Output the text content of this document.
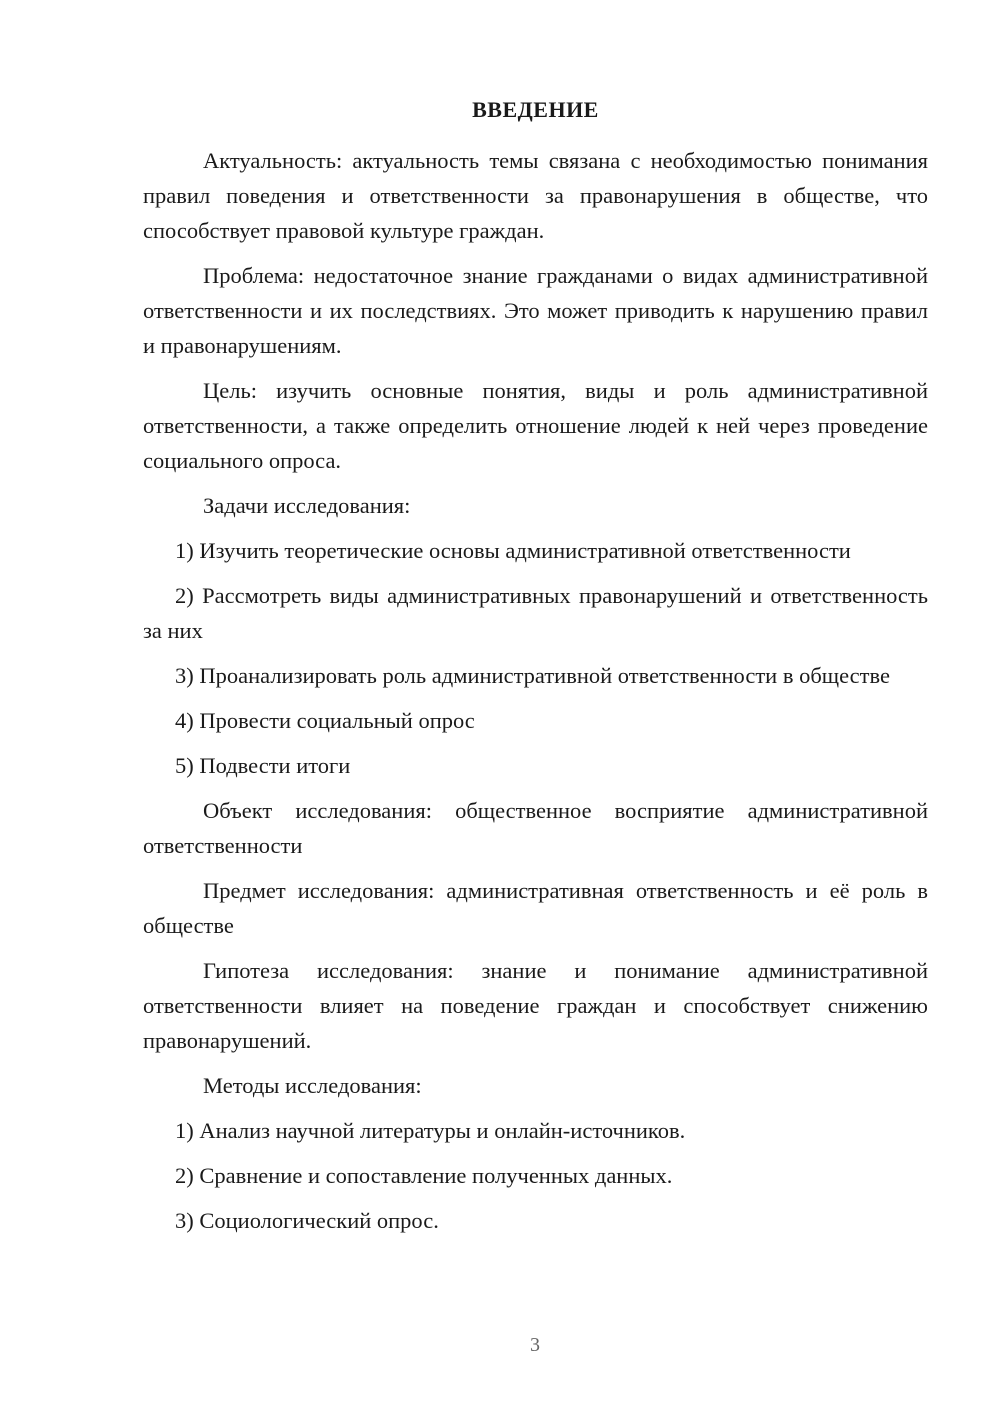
ВВЕДЕНИЕ
Актуальность: актуальность темы связана с необходимостью понимания правил поведения и ответственности за правонарушения в обществе, что способствует правовой культуре граждан.
Проблема: недостаточное знание гражданами о видах административной ответственности и их последствиях. Это может приводить к нарушению правил и правонарушениям.
Цель: изучить основные понятия, виды и роль административной ответственности, а также определить отношение людей к ней через проведение социального опроса.
Задачи исследования:
1) Изучить теоретические основы административной ответственности
2) Рассмотреть виды административных правонарушений и ответственность за них
3) Проанализировать роль административной ответственности в обществе
4) Провести социальный опрос
5) Подвести итоги
Объект исследования: общественное восприятие административной ответственности
Предмет исследования: административная ответственность и её роль в обществе
Гипотеза исследования: знание и понимание административной ответственности влияет на поведение граждан и способствует снижению правонарушений.
Методы исследования:
1) Анализ научной литературы и онлайн-источников.
2) Сравнение и сопоставление полученных данных.
3) Социологический опрос.
3
